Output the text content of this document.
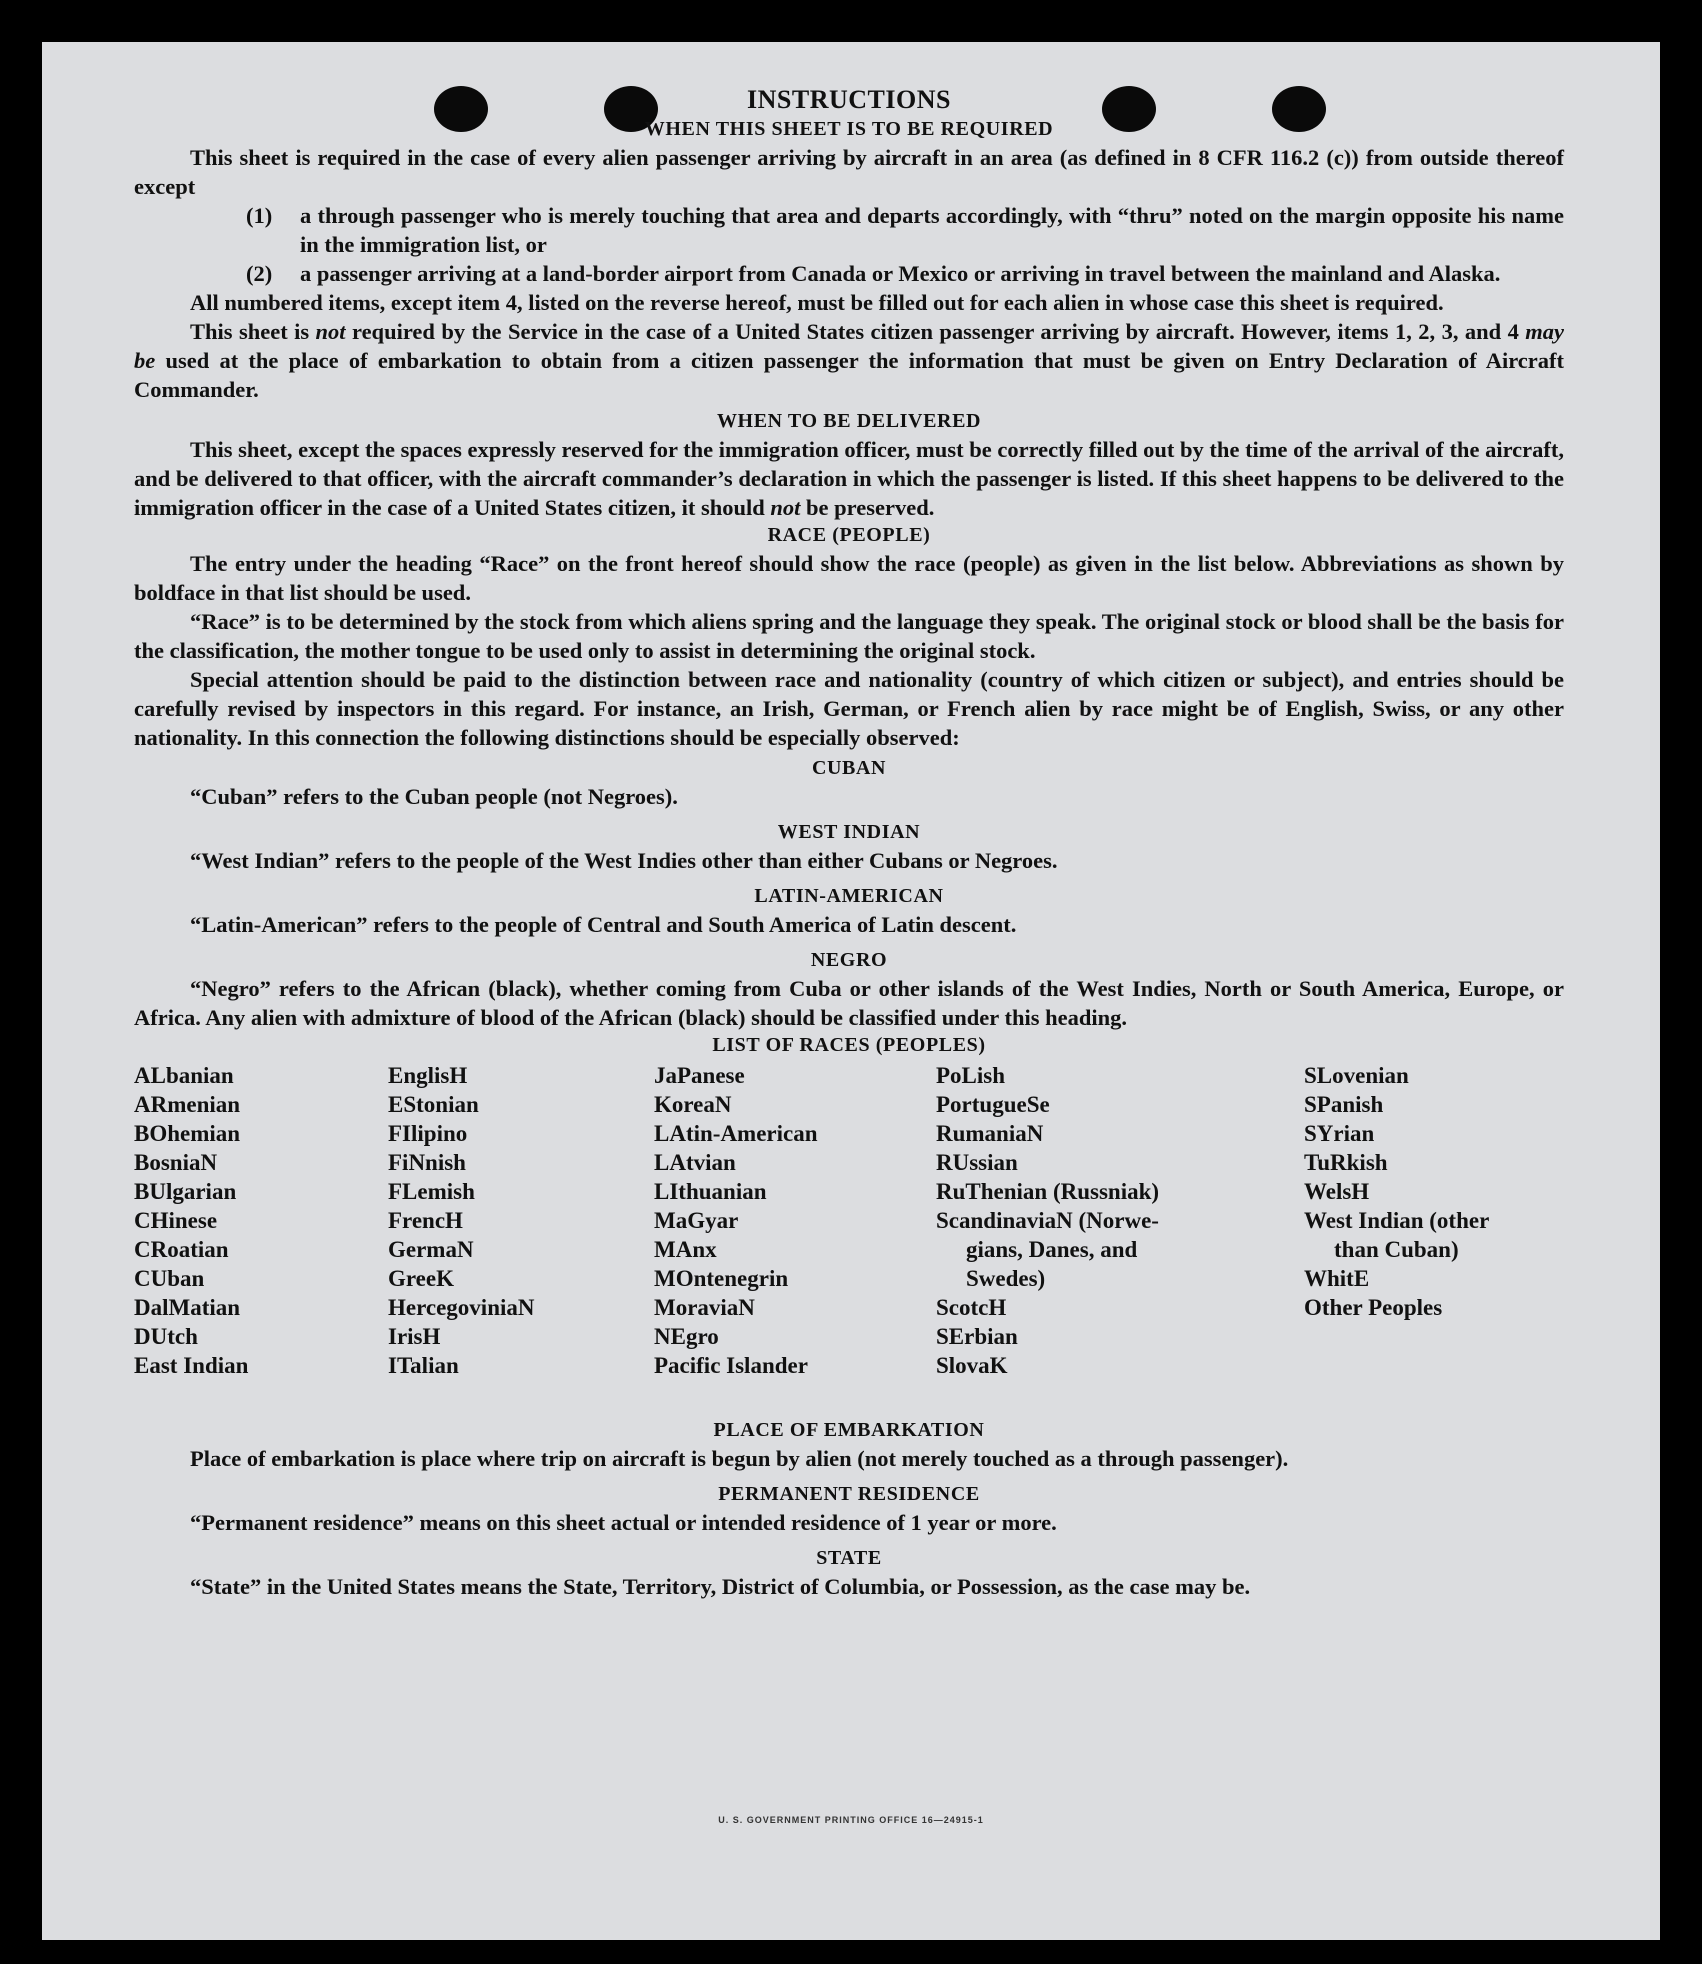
INSTRUCTIONS

WHEN THIS SHEET IS TO BE REQUIRED

This sheet is required in the case of every alien passenger arriving by aircraft in an area (as defined in 8 CFR 116.2 (c)) from outside thereof except

(1)	a through passenger who is merely touching that area and departs accordingly, with “thru” noted on the margin opposite his name in the immigration list, or
(2)	a passenger arriving at a land-border airport from Canada or Mexico or arriving in travel between the mainland and Alaska.

All numbered items, except item 4, listed on the reverse hereof, must be filled out for each alien in whose case this sheet is required.

This sheet is not required by the Service in the case of a United States citizen passenger arriving by aircraft. However, items 1, 2, 3, and 4 may be used at the place of embarkation to obtain from a citizen passenger the information that must be given on Entry Declaration of Aircraft Commander.

WHEN TO BE DELIVERED

This sheet, except the spaces expressly reserved for the immigration officer, must be correctly filled out by the time of the arrival of the aircraft, and be delivered to that officer, with the aircraft commander’s declaration in which the passenger is listed. If this sheet happens to be delivered to the immigration officer in the case of a United States citizen, it should not be preserved.

RACE (PEOPLE)

The entry under the heading “Race” on the front hereof should show the race (people) as given in the list below. Abbreviations as shown by boldface in that list should be used.

“Race” is to be determined by the stock from which aliens spring and the language they speak. The original stock or blood shall be the basis for the classification, the mother tongue to be used only to assist in determining the original stock.

Special attention should be paid to the distinction between race and nationality (country of which citizen or subject), and entries should be carefully revised by inspectors in this regard. For instance, an Irish, German, or French alien by race might be of English, Swiss, or any other nationality. In this connection the following distinctions should be especially observed:

CUBAN

“Cuban” refers to the Cuban people (not Negroes).

WEST INDIAN

“West Indian” refers to the people of the West Indies other than either Cubans or Negroes.

LATIN-AMERICAN

“Latin-American” refers to the people of Central and South America of Latin descent.

NEGRO

“Negro” refers to the African (black), whether coming from Cuba or other islands of the West Indies, North or South America, Europe, or Africa. Any alien with admixture of blood of the African (black) should be classified under this heading.

LIST OF RACES (PEOPLES)

ALbanian
ARmenian
BOhemian
BosniaN
BUlgarian
CHinese
CRoatian
CUban
DalMatian
DUtch
East Indian
EnglisH
EStonian
FIlipino
FiNnish
FLemish
FrencH
GermaN
GreeK
HercegoviniaN
IrisH
ITalian
JaPanese
KoreaN
LAtin-American
LAtvian
LIthuanian
MaGyar
MAnx
MOntenegrin
MoraviaN
NEgro
Pacific Islander
PoLish
PortugueSe
RumaniaN
RUssian
RuThenian (Russniak)
ScandinaviaN (Norwe-
gians, Danes, and
Swedes)
ScotcH
SErbian
SlovaK
SLovenian
SPanish
SYrian
TuRkish
WelsH
West Indian (other
than Cuban)
WhitE
Other Peoples

PLACE OF EMBARKATION

Place of embarkation is place where trip on aircraft is begun by alien (not merely touched as a through passenger).

PERMANENT RESIDENCE

“Permanent residence” means on this sheet actual or intended residence of 1 year or more.

STATE

“State” in the United States means the State, Territory, District of Columbia, or Possession, as the case may be.

U. S. GOVERNMENT PRINTING OFFICE 16—24915-1
